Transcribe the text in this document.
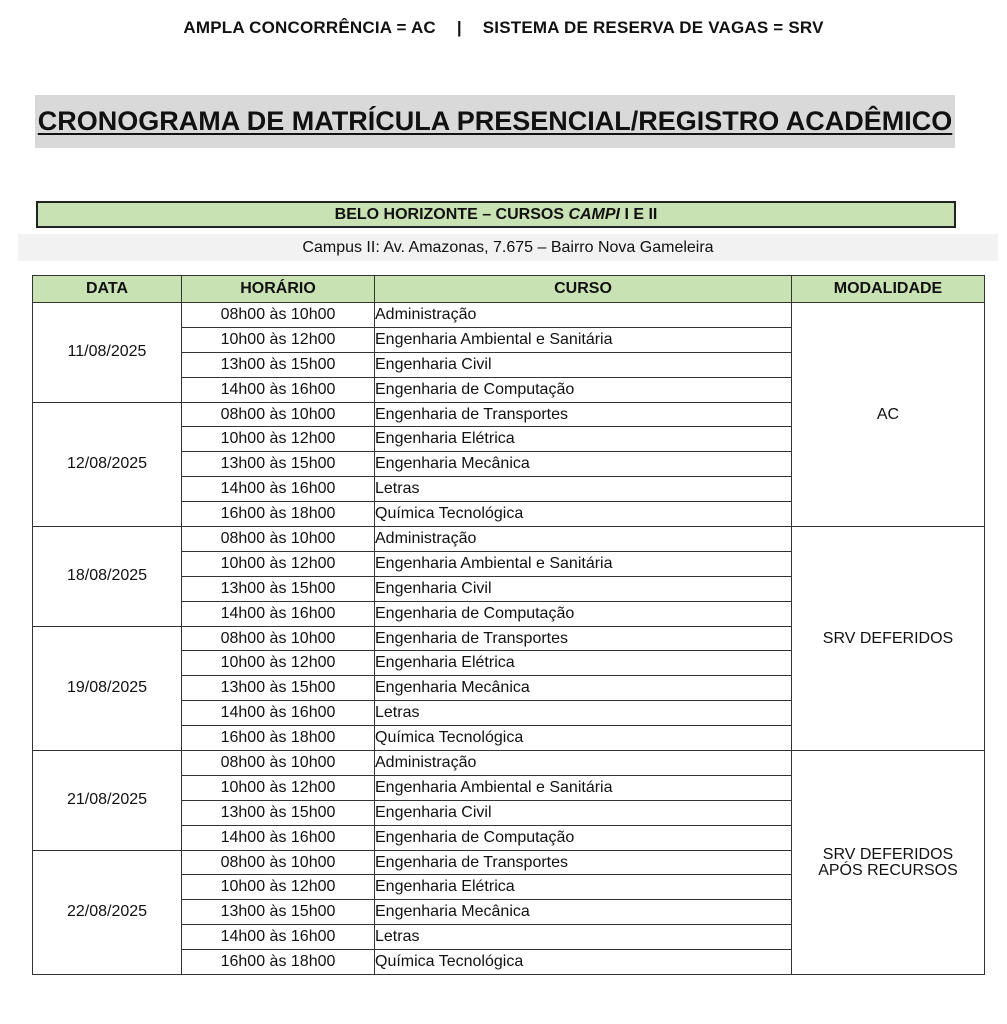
AMPLA CONCORRÊNCIA = AC | SISTEMA DE RESERVA DE VAGAS = SRV
CRONOGRAMA DE MATRÍCULA PRESENCIAL/REGISTRO ACADÊMICO
BELO HORIZONTE – CURSOS CAMPI I E II
Campus II: Av. Amazonas, 7.675 – Bairro Nova Gameleira
DATA	HORÁRIO	CURSO	MODALIDADE
11/08/2025	08h00 às 10h00	Administração	AC

	10h00 às 12h00	Engenharia Ambiental e Sanitária	
	13h00 às 15h00	Engenharia Civil	
	14h00 às 16h00	Engenharia de Computação	
12/08/2025	08h00 às 10h00	Engenharia de Transportes	
	10h00 às 12h00	Engenharia Elétrica	
	13h00 às 15h00	Engenharia Mecânica	
	14h00 às 16h00	Letras	
	16h00 às 18h00	Química Tecnológica	
18/08/2025	08h00 às 10h00	Administração	SRV DEFERIDOS

	10h00 às 12h00	Engenharia Ambiental e Sanitária	
	13h00 às 15h00	Engenharia Civil	
	14h00 às 16h00	Engenharia de Computação	
19/08/2025	08h00 às 10h00	Engenharia de Transportes	
	10h00 às 12h00	Engenharia Elétrica	
	13h00 às 15h00	Engenharia Mecânica	
	14h00 às 16h00	Letras	
	16h00 às 18h00	Química Tecnológica	
21/08/2025	08h00 às 10h00	Administração	SRV DEFERIDOS
APÓS RECURSOS

	10h00 às 12h00	Engenharia Ambiental e Sanitária	
	13h00 às 15h00	Engenharia Civil	
	14h00 às 16h00	Engenharia de Computação	
22/08/2025	08h00 às 10h00	Engenharia de Transportes	
	10h00 às 12h00	Engenharia Elétrica	
	13h00 às 15h00	Engenharia Mecânica	
	14h00 às 16h00	Letras	
	16h00 às 18h00	Química Tecnológica	
